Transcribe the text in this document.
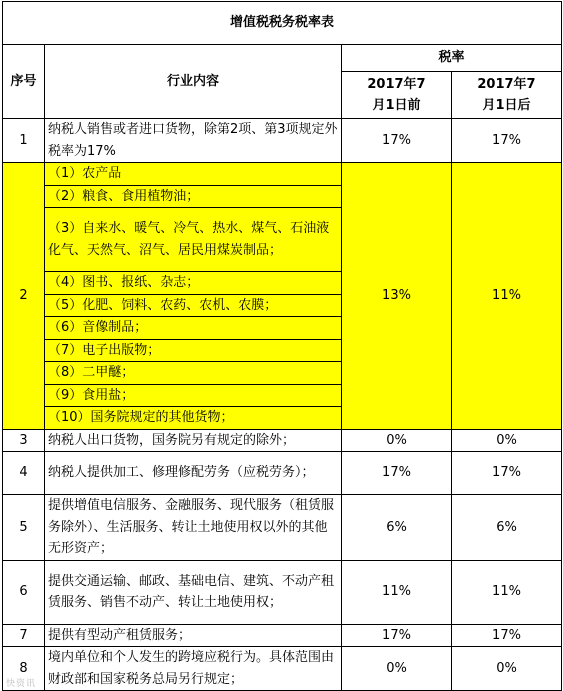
增值税税务税率表			
序号	行业内容	税率	
		2017年7月1日前	2017年7月1日后
1	纳税人销售或者进口货物，除第2项、第3项规定外税率为17%	17%	17%
2	（1）农产品	13%	11%
	（2）粮食、食用植物油；		
	（3）自来水、暖气、冷气、热水、煤气、石油液化气、天然气、沼气、居民用煤炭制品；		
	（4）图书、报纸、杂志；		
	（5）化肥、饲料、农药、农机、农膜；		
	（6）音像制品；		
	（7）电子出版物；		
	（8）二甲醚；		
	（9）食用盐；		
	（10）国务院规定的其他货物；		
3	纳税人出口货物，国务院另有规定的除外；	0%	0%
4	纳税人提供加工、修理修配劳务（应税劳务）；	17%	17%
5	提供增值电信服务、金融服务、现代服务（租赁服务除外）、生活服务、转让土地使用权以外的其他无形资产；	6%	6%
6	提供交通运输、邮政、基础电信、建筑、不动产租赁服务、销售不动产、转让土地使用权；	11%	11%
7	提供有型动产租赁服务；	17%	17%
8	境内单位和个人发生的跨境应税行为。具体范围由财政部和国家税务总局另行规定；	0%	0%
快资讯
